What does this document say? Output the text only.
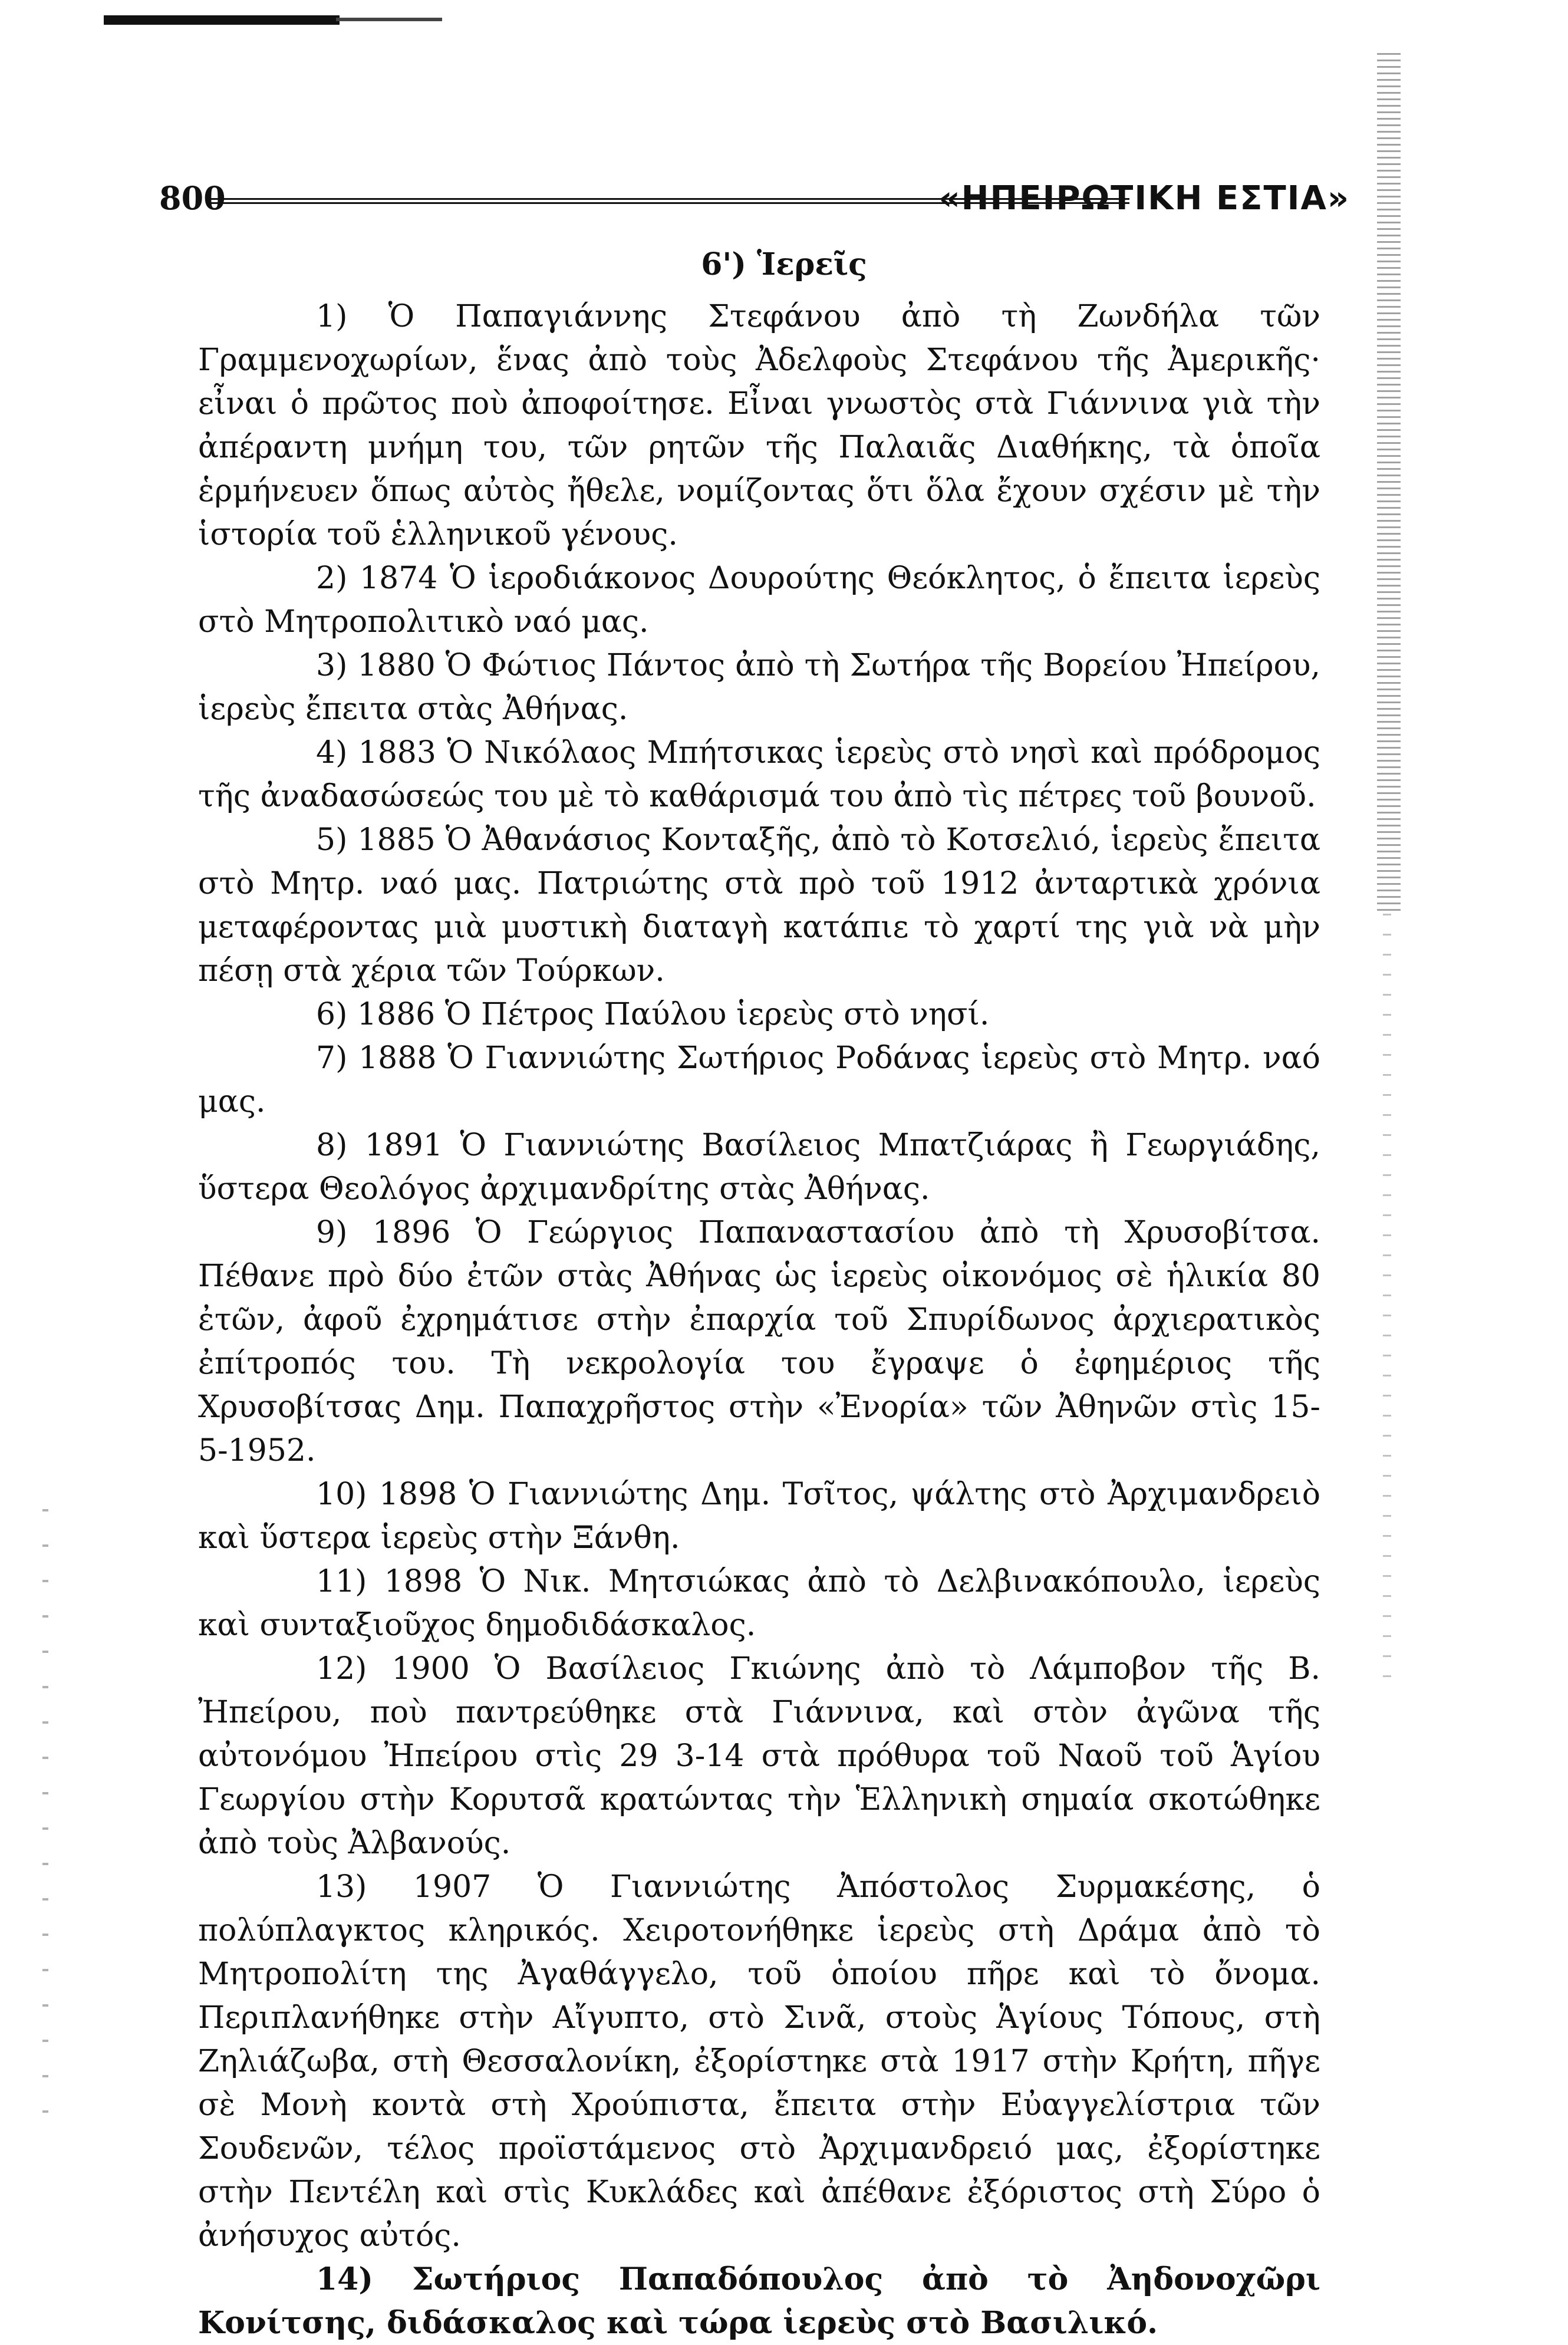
800	«ΗΠΕΙΡΩΤΙΚΗ ΕΣΤΙΑ»
6') Ἱερεῖς

1) Ὁ Παπαγιάννης Στεφάνου ἀπὸ τὴ Ζωνδήλα τῶν Γραμμενοχωρίων, ἕνας ἀπὸ τοὺς Ἀδελφοὺς Στεφάνου τῆς Ἀμερικῆς· εἶναι ὁ πρῶτος ποὺ ἀποφοίτησε. Εἶναι γνωστὸς στὰ Γιάννινα γιὰ τὴν ἀπέραντη μνήμη του, τῶν ρητῶν τῆς Παλαιᾶς Διαθήκης, τὰ ὁποῖα ἑρμήνευεν ὅπως αὐτὸς ἤθελε, νομίζοντας ὅτι ὅλα ἔχουν σχέσιν μὲ τὴν ἱστορία τοῦ ἑλληνικοῦ γένους.

2) 1874 Ὁ ἱεροδιάκονος Δουρούτης Θεόκλητος, ὁ ἔπειτα ἱερεὺς στὸ Μητροπολιτικὸ ναό μας.

3) 1880 Ὁ Φώτιος Πάντος ἀπὸ τὴ Σωτήρα τῆς Βορείου Ἠπείρου, ἱερεὺς ἔπειτα στὰς Ἀθήνας.

4) 1883 Ὁ Νικόλαος Μπήτσικας ἱερεὺς στὸ νησὶ καὶ πρόδρομος τῆς ἀναδασώσεώς του μὲ τὸ καθάρισμά του ἀπὸ τὶς πέτρες τοῦ βουνοῦ.

5) 1885 Ὁ Ἀθανάσιος Κονταξῆς, ἀπὸ τὸ Κοτσελιό, ἱερεὺς ἔπειτα στὸ Μητρ. ναό μας. Πατριώτης στὰ πρὸ τοῦ 1912 ἀνταρτικὰ χρόνια μεταφέροντας μιὰ μυστικὴ διαταγὴ κατάπιε τὸ χαρτί της γιὰ νὰ μὴν πέσῃ στὰ χέρια τῶν Τούρκων.

6) 1886 Ὁ Πέτρος Παύλου ἱερεὺς στὸ νησί.

7) 1888 Ὁ Γιαννιώτης Σωτήριος Ροδάνας ἱερεὺς στὸ Μητρ. ναό μας.

8) 1891 Ὁ Γιαννιώτης Βασίλειος Μπατζιάρας ἢ Γεωργιάδης, ὕστερα Θεολόγος ἀρχιμανδρίτης στὰς Ἀθήνας.

9) 1896 Ὁ Γεώργιος Παπαναστασίου ἀπὸ τὴ Χρυσοβίτσα. Πέθανε πρὸ δύο ἐτῶν στὰς Ἀθήνας ὡς ἱερεὺς οἰκονόμος σὲ ἡλικία 80 ἐτῶν, ἀφοῦ ἐχρημάτισε στὴν ἐπαρχία τοῦ Σπυρίδωνος ἀρχιερατικὸς ἐπίτροπός του. Τὴ νεκρολογία του ἔγραψε ὁ ἐφημέριος τῆς Χρυσοβίτσας Δημ. Παπαχρῆστος στὴν «Ἐνορία» τῶν Ἀθηνῶν στὶς 15-5-1952.

10) 1898 Ὁ Γιαννιώτης Δημ. Τσῖτος, ψάλτης στὸ Ἀρχιμανδρειὸ καὶ ὕστερα ἱερεὺς στὴν Ξάνθη.

11) 1898 Ὁ Νικ. Μητσιώκας ἀπὸ τὸ Δελβινακόπουλο, ἱερεὺς καὶ συνταξιοῦχος δημοδιδάσκαλος.

12) 1900 Ὁ Βασίλειος Γκιώνης ἀπὸ τὸ Λάμποβον τῆς Β. Ἠπείρου, ποὺ παντρεύθηκε στὰ Γιάννινα, καὶ στὸν ἀγῶνα τῆς αὐτονόμου Ἠπείρου στὶς 29 3-14 στὰ πρόθυρα τοῦ Ναοῦ τοῦ Ἁγίου Γεωργίου στὴν Κορυτσᾶ κρατώντας τὴν Ἑλληνικὴ σημαία σκοτώθηκε ἀπὸ τοὺς Ἀλβανούς.

13) 1907 Ὁ Γιαννιώτης Ἀπόστολος Συρμακέσης, ὁ πολύπλαγκτος κληρικός. Χειροτονήθηκε ἱερεὺς στὴ Δράμα ἀπὸ τὸ Μητροπολίτη της Ἀγαθάγγελο, τοῦ ὁποίου πῆρε καὶ τὸ ὄνομα. Περιπλανήθηκε στὴν Αἴγυπτο, στὸ Σινᾶ, στοὺς Ἁγίους Τόπους, στὴ Ζηλιάζωβα, στὴ Θεσσαλονίκη, ἐξορίστηκε στὰ 1917 στὴν Κρήτη, πῆγε σὲ Μονὴ κοντὰ στὴ Χρούπιστα, ἔπειτα στὴν Εὐαγγελίστρια τῶν Σουδενῶν, τέλος προϊστάμενος στὸ Ἀρχιμανδρειό μας, ἐξορίστηκε στὴν Πεντέλη καὶ στὶς Κυκλάδες καὶ ἀπέθανε ἐξόριστος στὴ Σύρο ὁ ἀνήσυχος αὐτός.

14) Σωτήριος Παπαδόπουλος ἀπὸ τὸ Ἀηδονοχῶρι Κονίτσης, διδάσκαλος καὶ τώρα ἱερεὺς στὸ Βασιλικό.
